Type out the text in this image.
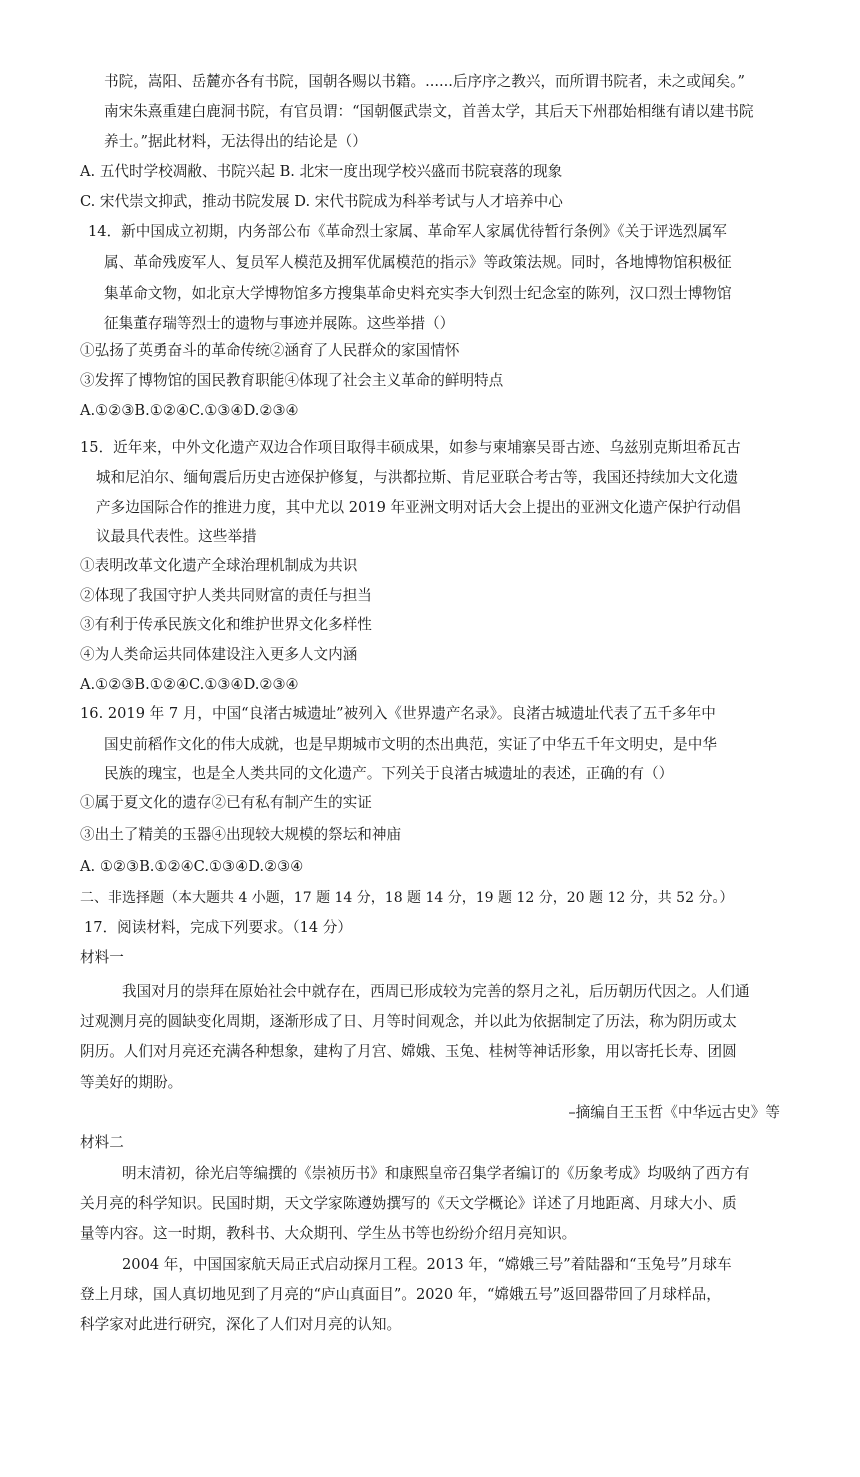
书院，嵩阳、岳麓亦各有书院，国朝各赐以书籍。......后序序之教兴，而所谓书院者，未之或闻矣。”
南宋朱熹重建白鹿洞书院，有官员谓：“国朝偃武崇文，首善太学，其后天下州郡始相继有请以建书院
养士。”据此材料，无法得出的结论是（）
A. 五代时学校凋敝、书院兴起 B. 北宋一度出现学校兴盛而书院衰落的现象
C. 宋代崇文抑武，推动书院发展 D. 宋代书院成为科举考试与人才培养中心
14．新中国成立初期，内务部公布《革命烈士家属、革命军人家属优待暂行条例》《关于评选烈属军
属、革命残废军人、复员军人模范及拥军优属模范的指示》等政策法规。同时，各地博物馆积极征
集革命文物，如北京大学博物馆多方搜集革命史料充实李大钊烈士纪念室的陈列，汉口烈士博物馆
征集董存瑞等烈士的遗物与事迹并展陈。这些举措（）
①弘扬了英勇奋斗的革命传统②涵育了人民群众的家国情怀
③发挥了博物馆的国民教育职能④体现了社会主义革命的鲜明特点
A.①②③B.①②④C.①③④D.②③④
15．近年来，中外文化遗产双边合作项目取得丰硕成果，如参与柬埔寨吴哥古迹、乌兹别克斯坦希瓦古
城和尼泊尔、缅甸震后历史古迹保护修复，与洪都拉斯、肯尼亚联合考古等，我国还持续加大文化遗
产多边国际合作的推进力度，其中尤以 2019 年亚洲文明对话大会上提出的亚洲文化遗产保护行动倡
议最具代表性。这些举措
①表明改革文化遗产全球治理机制成为共识
②体现了我国守护人类共同财富的责任与担当
③有利于传承民族文化和维护世界文化多样性
④为人类命运共同体建设注入更多人文内涵
A.①②③B.①②④C.①③④D.②③④
16. 2019 年 7 月，中国“良渚古城遗址”被列入《世界遗产名录》。良渚古城遗址代表了五千多年中
国史前稻作文化的伟大成就，也是早期城市文明的杰出典范，实证了中华五千年文明史，是中华
民族的瑰宝，也是全人类共同的文化遗产。下列关于良渚古城遗址的表述，正确的有（）
①属于夏文化的遗存②已有私有制产生的实证
③出土了精美的玉器④出现较大规模的祭坛和神庙
A. ①②③B.①②④C.①③④D.②③④
二、非选择题（本大题共 4 小题，17 题 14 分，18 题 14 分，19 题 12 分，20 题 12 分，共 52 分。）
17．阅读材料，完成下列要求。（14 分）
材料一
我国对月的崇拜在原始社会中就存在，西周已形成较为完善的祭月之礼，后历朝历代因之。人们通
过观测月亮的圆缺变化周期，逐渐形成了日、月等时间观念，并以此为依据制定了历法，称为阴历或太
阴历。人们对月亮还充满各种想象，建构了月宫、嫦娥、玉兔、桂树等神话形象，用以寄托长寿、团圆
等美好的期盼。
–摘编自王玉哲《中华远古史》等
材料二
明末清初，徐光启等编撰的《崇祯历书》和康熙皇帝召集学者编订的《历象考成》均吸纳了西方有
关月亮的科学知识。民国时期，天文学家陈遵妫撰写的《天文学概论》详述了月地距离、月球大小、质
量等内容。这一时期，教科书、大众期刊、学生丛书等也纷纷介绍月亮知识。
2004 年，中国国家航天局正式启动探月工程。2013 年，“嫦娥三号”着陆器和“玉兔号”月球车
登上月球，国人真切地见到了月亮的“庐山真面目”。2020 年，“嫦娥五号”返回器带回了月球样品，
科学家对此进行研究，深化了人们对月亮的认知。
